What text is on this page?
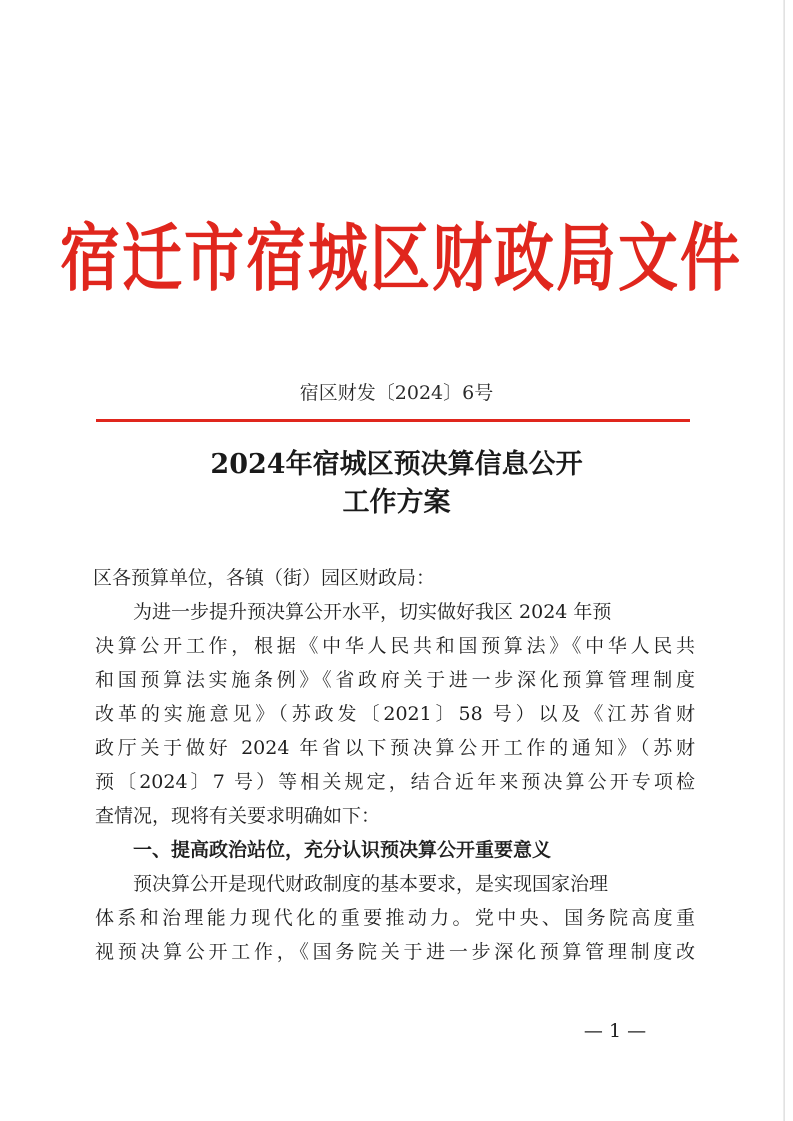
宿迁市宿城区财政局文件
宿区财发〔2024〕6号
2024年宿城区预决算信息公开
工作方案
区各预算单位，各镇（街）园区财政局：
为进一步提升预决算公开水平，切实做好我区 2024 年预
决算公开工作，根据《中华人民共和国预算法》《中华人民共
和国预算法实施条例》《省政府关于进一步深化预算管理制度
改革的实施意见》（苏政发〔2021〕58 号）以及《江苏省财
政厅关于做好 2024 年省以下预决算公开工作的通知》（苏财
预〔2024〕7 号）等相关规定，结合近年来预决算公开专项检
查情况，现将有关要求明确如下：
一、提高政治站位，充分认识预决算公开重要意义
预决算公开是现代财政制度的基本要求，是实现国家治理
体系和治理能力现代化的重要推动力。党中央、国务院高度重
视预决算公开工作，《国务院关于进一步深化预算管理制度改
— 1 —
